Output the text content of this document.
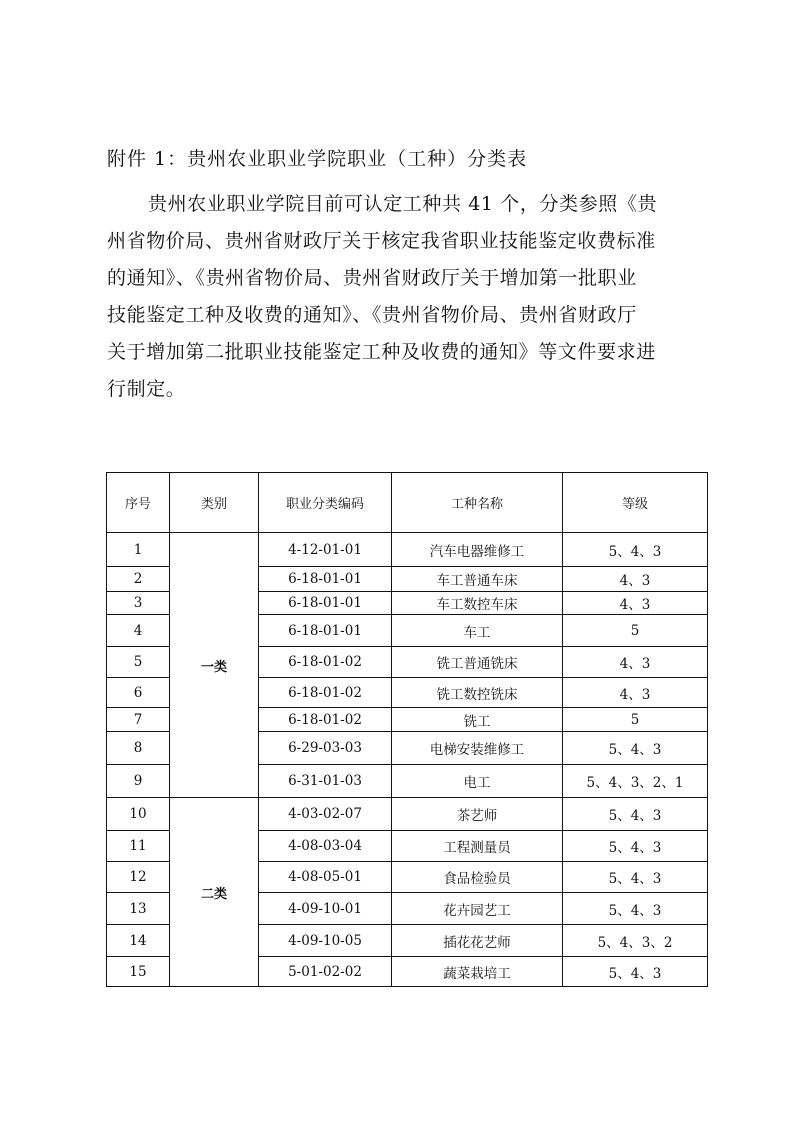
附件 1：贵州农业职业学院职业（工种）分类表
贵州农业职业学院目前可认定工种共 41 个，分类参照《贵
州省物价局、贵州省财政厅关于核定我省职业技能鉴定收费标准
的通知》、《贵州省物价局、贵州省财政厅关于增加第一批职业
技能鉴定工种及收费的通知》、《贵州省物价局、贵州省财政厅
关于增加第二批职业技能鉴定工种及收费的通知》等文件要求进
行制定。
序号	类别	职业分类编码	工种名称	等级
1	一类	4-12-01-01	汽车电器维修工	5、4、3
2		6-18-01-01	车工普通车床	4、3
3		6-18-01-01	车工数控车床	4、3
4		6-18-01-01	车工	5
5		6-18-01-02	铣工普通铣床	4、3
6		6-18-01-02	铣工数控铣床	4、3
7		6-18-01-02	铣工	5
8		6-29-03-03	电梯安装维修工	5、4、3
9		6-31-01-03	电工	5、4、3、2、1
10	二类	4-03-02-07	茶艺师	5、4、3
11		4-08-03-04	工程测量员	5、4、3
12		4-08-05-01	食品检验员	5、4、3
13		4-09-10-01	花卉园艺工	5、4、3
14		4-09-10-05	插花花艺师	5、4、3、2
15		5-01-02-02	蔬菜栽培工	5、4、3
